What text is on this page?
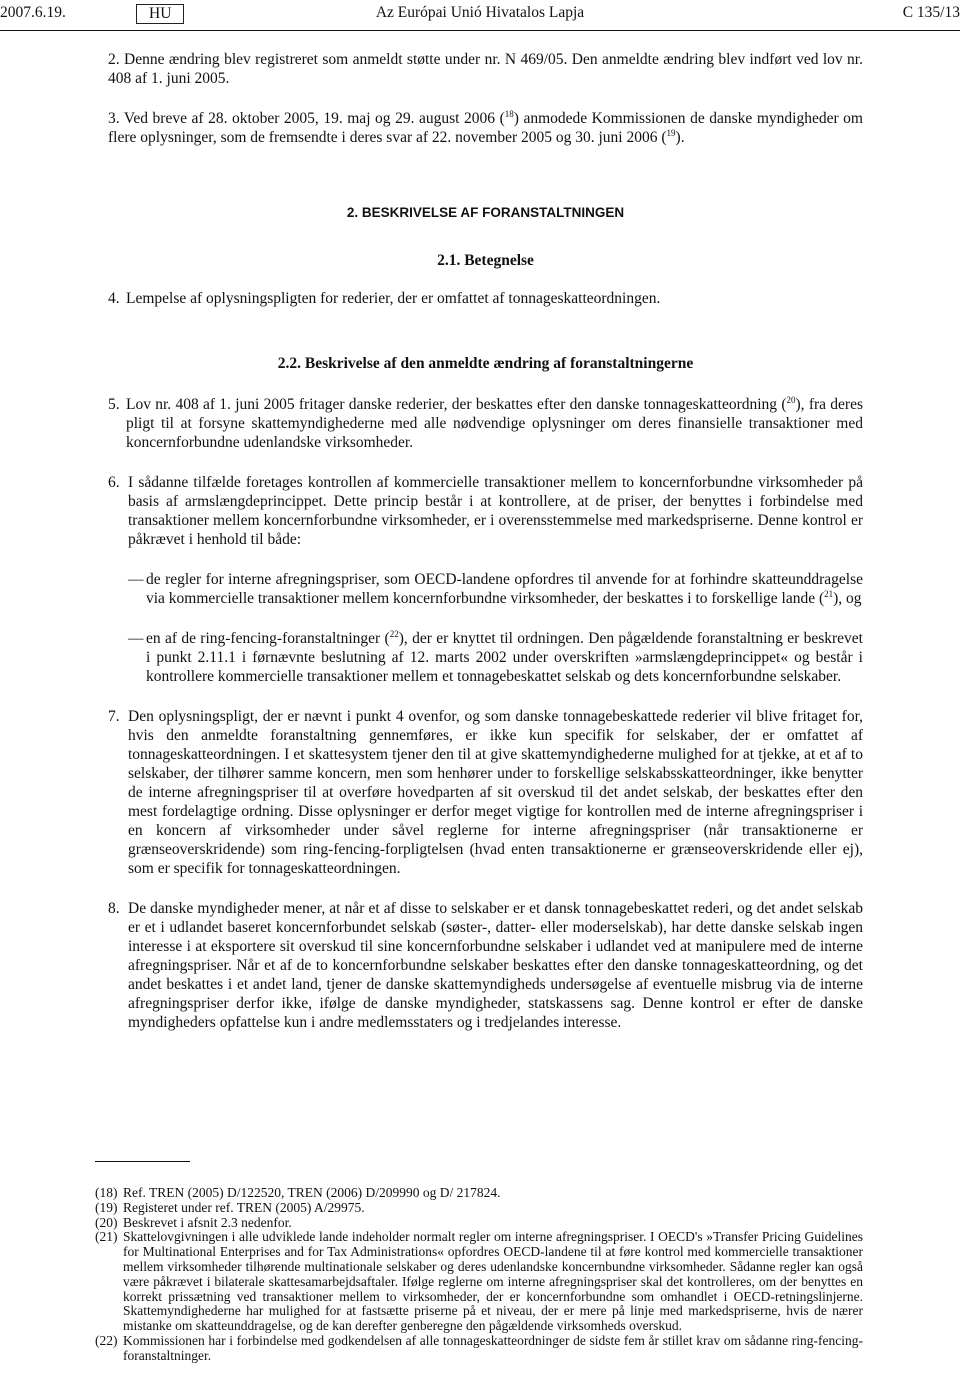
2007.6.19.	Az Európai Unió Hivatalos Lapja
HU	C 135/13

2. Denne ændring blev registreret som anmeldt støtte under nr. N 469/05. Den anmeldte ændring blev indført ved lov nr. 408 af 1. juni 2005.

3. Ved breve af 28. oktober 2005, 19. maj og 29. august 2006 ($^{18}$) anmodede Kommissionen de danske myndigheder om flere oplysninger, som de fremsendte i deres svar af 22. november 2005 og 30. juni 2006 ($^{19}$).

2. BESKRIVELSE AF FORANSTALTNINGEN

2.1. Betegnelse

4. Lempelse af oplysningspligten for rederier, der er omfattet af tonnageskatteordningen.

2.2. Beskrivelse af den anmeldte ændring af foranstaltningerne

5. Lov nr. 408 af 1. juni 2005 fritager danske rederier, der beskattes efter den danske tonnageskatteordning ($^{20}$), fra deres pligt til at forsyne skattemyndighederne med alle nødvendige oplysninger om deres finansielle transaktioner med koncernforbundne udenlandske virksomheder.

6. I sådanne tilfælde foretages kontrollen af kommercielle transaktioner mellem to koncernforbundne virksomheder på basis af armslængdeprincippet. Dette princip består i at kontrollere, at de priser, der benyttes i forbindelse med transaktioner mellem koncernforbundne virksomheder, er i overensstemmelse med markedspriserne. Denne kontrol er påkrævet i henhold til både:

— de regler for interne afregningspriser, som OECD-landene opfordres til anvende for at forhindre skatteunddragelse via kommercielle transaktioner mellem koncernforbundne virksomheder, der beskattes i to forskellige lande ($^{21}$), og

— en af de ring-fencing-foranstaltninger ($^{22}$), der er knyttet til ordningen. Den pågældende foranstaltning er beskrevet i punkt 2.11.1 i førnævnte beslutning af 12. marts 2002 under overskriften »armslængdeprincippet« og består i kontrollere kommercielle transaktioner mellem et tonnagebeskattet selskab og dets koncernforbundne selskaber.

7. Den oplysningspligt, der er nævnt i punkt 4 ovenfor, og som danske tonnagebeskattede rederier vil blive fritaget for, hvis den anmeldte foranstaltning gennemføres, er ikke kun specifik for selskaber, der er omfattet af tonnageskatteordningen. I et skattesystem tjener den til at give skattemyndighederne mulighed for at tjekke, at et af to selskaber, der tilhører samme koncern, men som henhører under to forskellige selskabsskatteordninger, ikke benytter de interne afregningspriser til at overføre hovedparten af sit overskud til det andet selskab, der beskattes efter den mest fordelagtige ordning. Disse oplysninger er derfor meget vigtige for kontrollen med de interne afregningspriser i en koncern af virksomheder under såvel reglerne for interne afregningspriser (når transaktionerne er grænseoverskridende) som ring-fencing-forpligtelsen (hvad enten transaktionerne er grænseoverskridende eller ej), som er specifik for tonnageskatteordningen.

8. De danske myndigheder mener, at når et af disse to selskaber er et dansk tonnagebeskattet rederi, og det andet selskab er et i udlandet baseret koncernforbundet selskab (søster-, datter- eller moderselskab), har dette danske selskab ingen interesse i at eksportere sit overskud til sine koncernforbundne selskaber i udlandet ved at manipulere med de interne afregningspriser. Når et af de to koncernforbundne selskaber beskattes efter den danske tonnageskatteordning, og det andet beskattes i et andet land, tjener de danske skattemyndigheds undersøgelse af eventuelle misbrug via de interne afregningspriser derfor ikke, ifølge de danske myndigheder, statskassens sag. Denne kontrol er efter de danske myndigheders opfattelse kun i andre medlemsstaters og i tredjelandes interesse.

(18) Ref. TREN (2005) D/122520, TREN (2006) D/209990 og D/ 217824.

(19) Registeret under ref. TREN (2005) A/29975.

(20) Beskrevet i afsnit 2.3 nedenfor.

(21) Skattelovgivningen i alle udviklede lande indeholder normalt regler om interne afregningspriser. I OECD's »Transfer Pricing Guidelines for Multinational Enterprises and for Tax Administrations« opfordres OECD-landene til at føre kontrol med kommercielle transaktioner mellem virksomheder tilhørende multinationale selskaber og deres udenlandske koncernbundne virksomheder. Sådanne regler kan også være påkrævet i bilaterale skattesamarbejdsaftaler. Ifølge reglerne om interne afregningspriser skal det kontrolleres, om der benyttes en korrekt prissætning ved transaktioner mellem to virksomheder, der er koncernforbundne som omhandlet i OECD-retningslinjerne. Skattemyndighederne har mulighed for at fastsætte priserne på et niveau, der er mere på linje med markedspriserne, hvis de nærer mistanke om skatteunddragelse, og de kan derefter genberegne den pågældende virksomheds overskud.

(22) Kommissionen har i forbindelse med godkendelsen af alle tonnageskatteordninger de sidste fem år stillet krav om sådanne ring-fencing-foranstaltninger.
